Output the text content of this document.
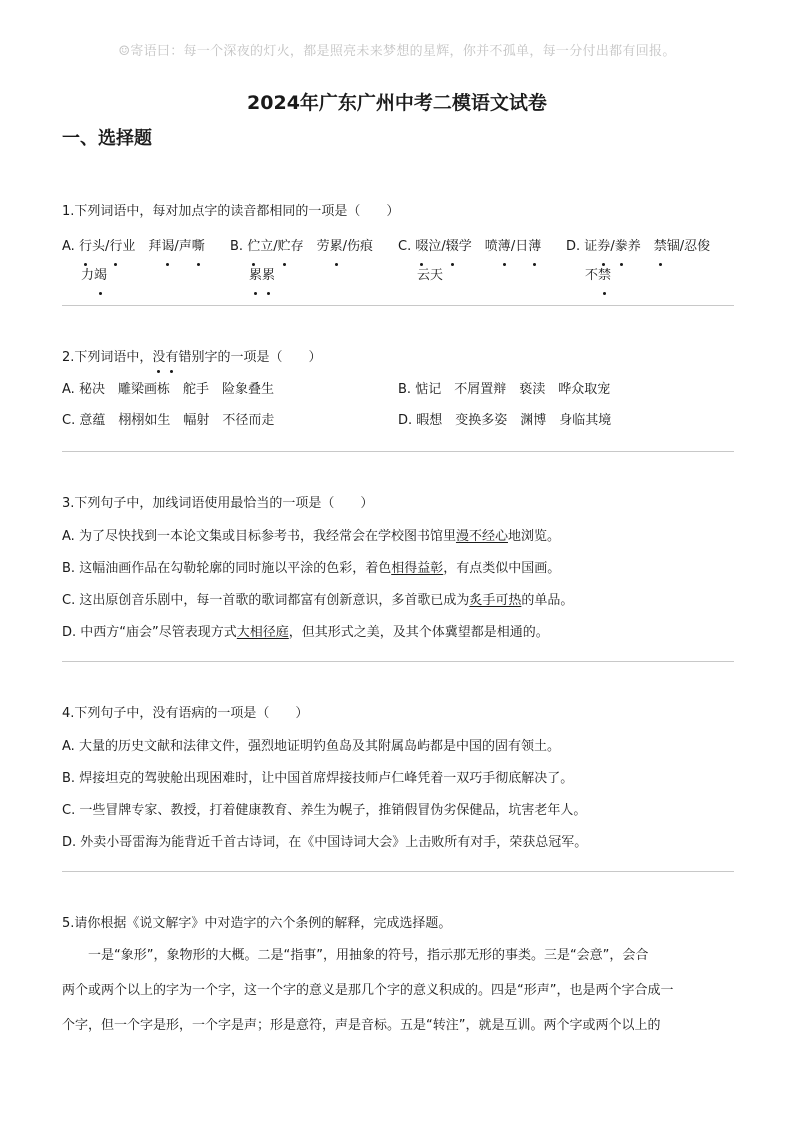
☺寄语曰：每一个深夜的灯火，都是照亮未来梦想的星辉，你并不孤单，每一分付出都有回报。
2024年广东广州中考二模语文试卷
一、选择题
1.下列词语中，每对加点字的读音都相同的一项是（　　）
A. 行头/行业　拜谒/声嘶
力竭
B. 伫立/贮存　劳累/伤痕
累累
C. 啜泣/辍学　喷薄/日薄
云天
D. 证券/豢养　禁锢/忍俊
不禁
2.下列词语中，没有错别字的一项是（　　）
A. 秘决　雕梁画栋　舵手　险象叠生	B. 惦记　不屑置辩　亵渎　哗众取宠
C. 意蕴　栩栩如生　幅射　不径而走	D. 暇想　变换多姿　渊博　身临其境
3.下列句子中，加线词语使用最恰当的一项是（　　）
A. 为了尽快找到一本论文集或目标参考书，我经常会在学校图书馆里漫不经心地浏览。
B. 这幅油画作品在勾勒轮廓的同时施以平涂的色彩，着色相得益彰，有点类似中国画。
C. 这出原创音乐剧中，每一首歌的歌词都富有创新意识，多首歌已成为炙手可热的单品。
D. 中西方“庙会”尽管表现方式大相径庭，但其形式之美，及其个体冀望都是相通的。
4.下列句子中，没有语病的一项是（　　）
A. 大量的历史文献和法律文件，强烈地证明钓鱼岛及其附属岛屿都是中国的固有领土。
B. 焊接坦克的驾驶舱出现困难时，让中国首席焊接技师卢仁峰凭着一双巧手彻底解决了。
C. 一些冒牌专家、教授，打着健康教育、养生为幌子，推销假冒伪劣保健品，坑害老年人。
D. 外卖小哥雷海为能背近千首古诗词，在《中国诗词大会》上击败所有对手，荣获总冠军。
5.请你根据《说文解字》中对造字的六个条例的解释，完成选择题。
　　一是“象形”，象物形的大概。二是“指事”，用抽象的符号，指示那无形的事类。三是“会意”，会合
两个或两个以上的字为一个字，这一个字的意义是那几个字的意义积成的。四是“形声”，也是两个字合成一
个字，但一个字是形，一个字是声；形是意符，声是音标。五是“转注”，就是互训。两个字或两个以上的
